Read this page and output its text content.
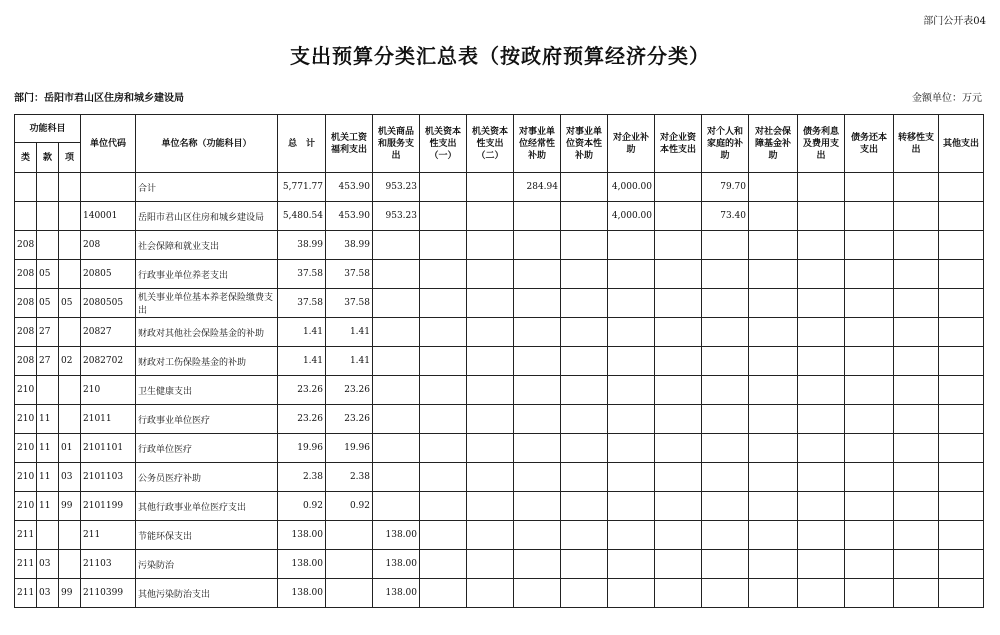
部门公开表04
支出预算分类汇总表（按政府预算经济分类）
部门：岳阳市君山区住房和城乡建设局	金额单位：万元
功能科目			单位代码	单位名称（功能科目）	总　计	机关工资福利支出	机关商品和服务支出	机关资本性支出（一）	机关资本性支出（二）	对事业单位经常性补助	对事业单位资本性补助	对企业补助	对企业资本性支出	对个人和家庭的补助	对社会保障基金补助	债务利息及费用支出	债务还本支出	转移性支出	其他支出
类	款	项																	
				合计	5,771.77	453.90	953.23			284.94		4,000.00		79.70					
			140001	岳阳市君山区住房和城乡建设局	5,480.54	453.90	953.23					4,000.00		73.40					
208			208	社会保障和就业支出	38.99	38.99													
208	05		20805	行政事业单位养老支出	37.58	37.58													
208	05	05	2080505	机关事业单位基本养老保险缴费支出	37.58	37.58													
208	27		20827	财政对其他社会保险基金的补助	1.41	1.41													
208	27	02	2082702	财政对工伤保险基金的补助	1.41	1.41													
210			210	卫生健康支出	23.26	23.26													
210	11		21011	行政事业单位医疗	23.26	23.26													
210	11	01	2101101	行政单位医疗	19.96	19.96													
210	11	03	2101103	公务员医疗补助	2.38	2.38													
210	11	99	2101199	其他行政事业单位医疗支出	0.92	0.92													
211			211	节能环保支出	138.00		138.00												
211	03		21103	污染防治	138.00		138.00												
211	03	99	2110399	其他污染防治支出	138.00		138.00												
